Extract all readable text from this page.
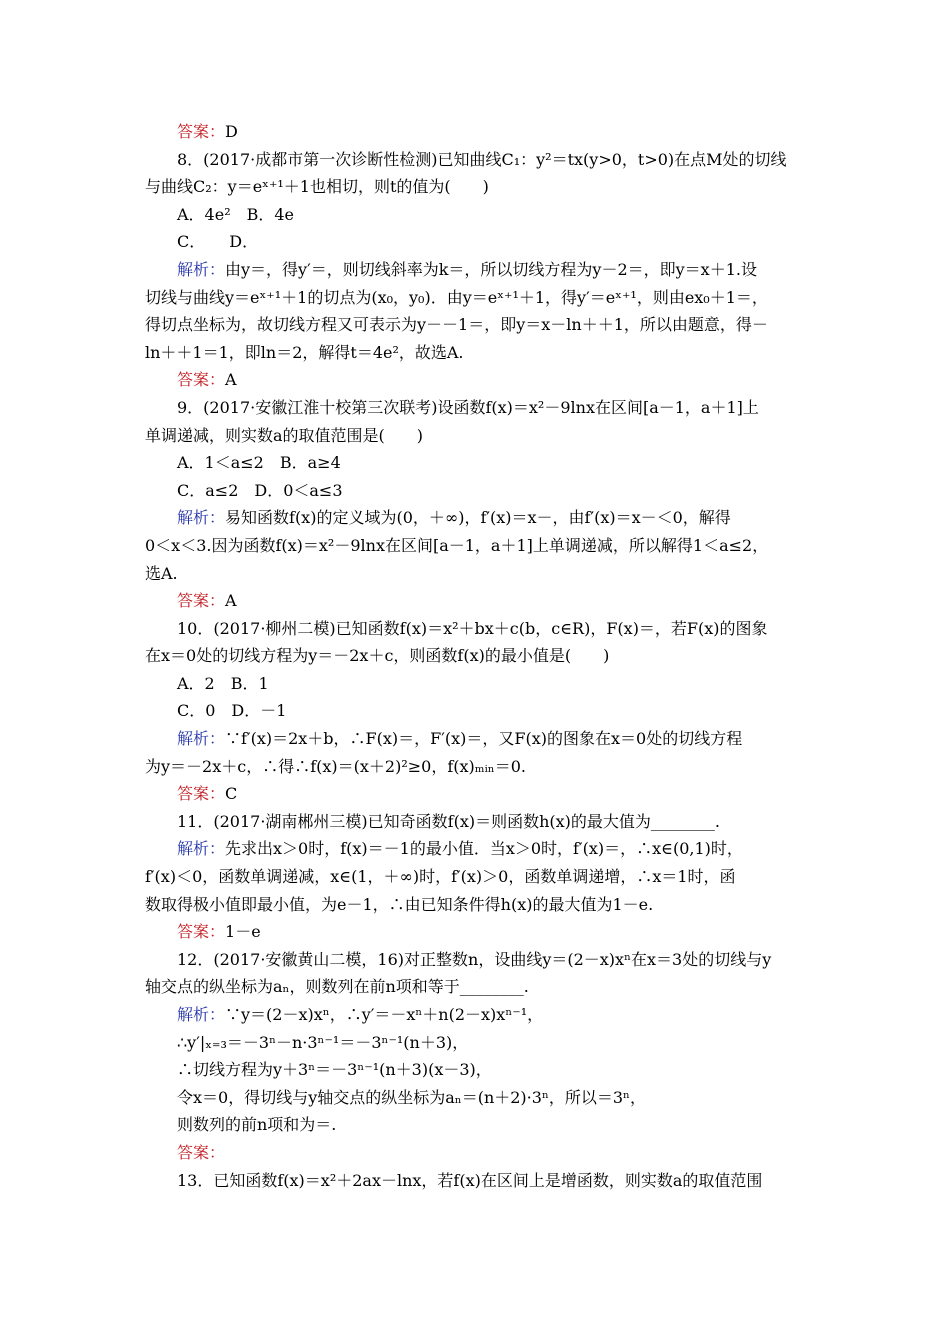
答案：D
8．(2017·成都市第一次诊断性检测)已知曲线C₁：y²＝tx(y>0，t>0)在点M处的切线
与曲线C₂：y＝eˣ⁺¹＋1也相切，则t的值为(　　)
A．4e²　B．4e
C．　　D．
解析：由y＝，得y′＝，则切线斜率为k＝，所以切线方程为y－2＝，即y＝x＋1.设
切线与曲线y＝eˣ⁺¹＋1的切点为(x₀，y₀)．由y＝eˣ⁺¹＋1，得y′＝eˣ⁺¹，则由ex₀＋1＝，
得切点坐标为，故切线方程又可表示为y－－1＝，即y＝x－ln＋＋1，所以由题意，得－
ln＋＋1＝1，即ln＝2，解得t＝4e²，故选A.
答案：A
9．(2017·安徽江淮十校第三次联考)设函数f(x)＝x²－9lnx在区间[a－1，a＋1]上
单调递减，则实数a的取值范围是(　　)
A．1＜a≤2　B．a≥4
C．a≤2　D．0＜a≤3
解析：易知函数f(x)的定义域为(0，＋∞)，f′(x)＝x－，由f′(x)＝x－＜0，解得
0＜x＜3.因为函数f(x)＝x²－9lnx在区间[a－1，a＋1]上单调递减，所以解得1＜a≤2，
选A.
答案：A
10．(2017·柳州二模)已知函数f(x)＝x²＋bx＋c(b，c∈R)，F(x)＝，若F(x)的图象
在x＝0处的切线方程为y＝－2x＋c，则函数f(x)的最小值是(　　)
A．2　B．1
C．0　D．－1
解析：∵f′(x)＝2x＋b，∴F(x)＝，F′(x)＝，又F(x)的图象在x＝0处的切线方程
为y＝－2x＋c，∴得∴f(x)＝(x＋2)²≥0，f(x)ₘᵢₙ＝0.
答案：C
11．(2017·湖南郴州三模)已知奇函数f(x)＝则函数h(x)的最大值为________.
解析：先求出x＞0时，f(x)＝－1的最小值．当x＞0时，f′(x)＝，∴x∈(0,1)时，
f′(x)＜0，函数单调递减，x∈(1，＋∞)时，f′(x)＞0，函数单调递增，∴x＝1时，函
数取得极小值即最小值，为e－1，∴由已知条件得h(x)的最大值为1－e.
答案：1－e
12．(2017·安徽黄山二模，16)对正整数n，设曲线y＝(2－x)xⁿ在x＝3处的切线与y
轴交点的纵坐标为aₙ，则数列在前n项和等于________.
解析：∵y＝(2－x)xⁿ，∴y′＝－xⁿ＋n(2－x)xⁿ⁻¹，
∴y′|ₓ₌₃＝－3ⁿ－n·3ⁿ⁻¹＝－3ⁿ⁻¹(n＋3)，
∴切线方程为y＋3ⁿ＝－3ⁿ⁻¹(n＋3)(x－3)，
令x＝0，得切线与y轴交点的纵坐标为aₙ＝(n＋2)·3ⁿ，所以＝3ⁿ，
则数列的前n项和为＝.
答案：
13．已知函数f(x)＝x²＋2ax－lnx，若f(x)在区间上是增函数，则实数a的取值范围
